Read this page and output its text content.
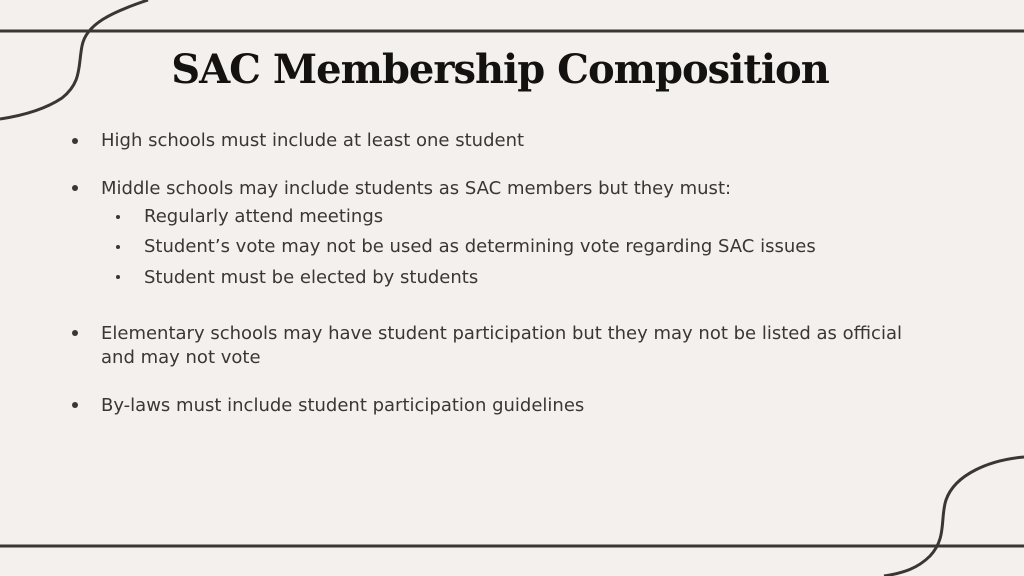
SAC Membership Composition
High schools must include at least one student
Middle schools may include students as SAC members but they must:
Regularly attend meetings
Student’s vote may not be used as determining vote regarding SAC issues
Student must be elected by students
Elementary schools may have student participation but they may not be listed as official and may not vote
By-laws must include student participation guidelines
